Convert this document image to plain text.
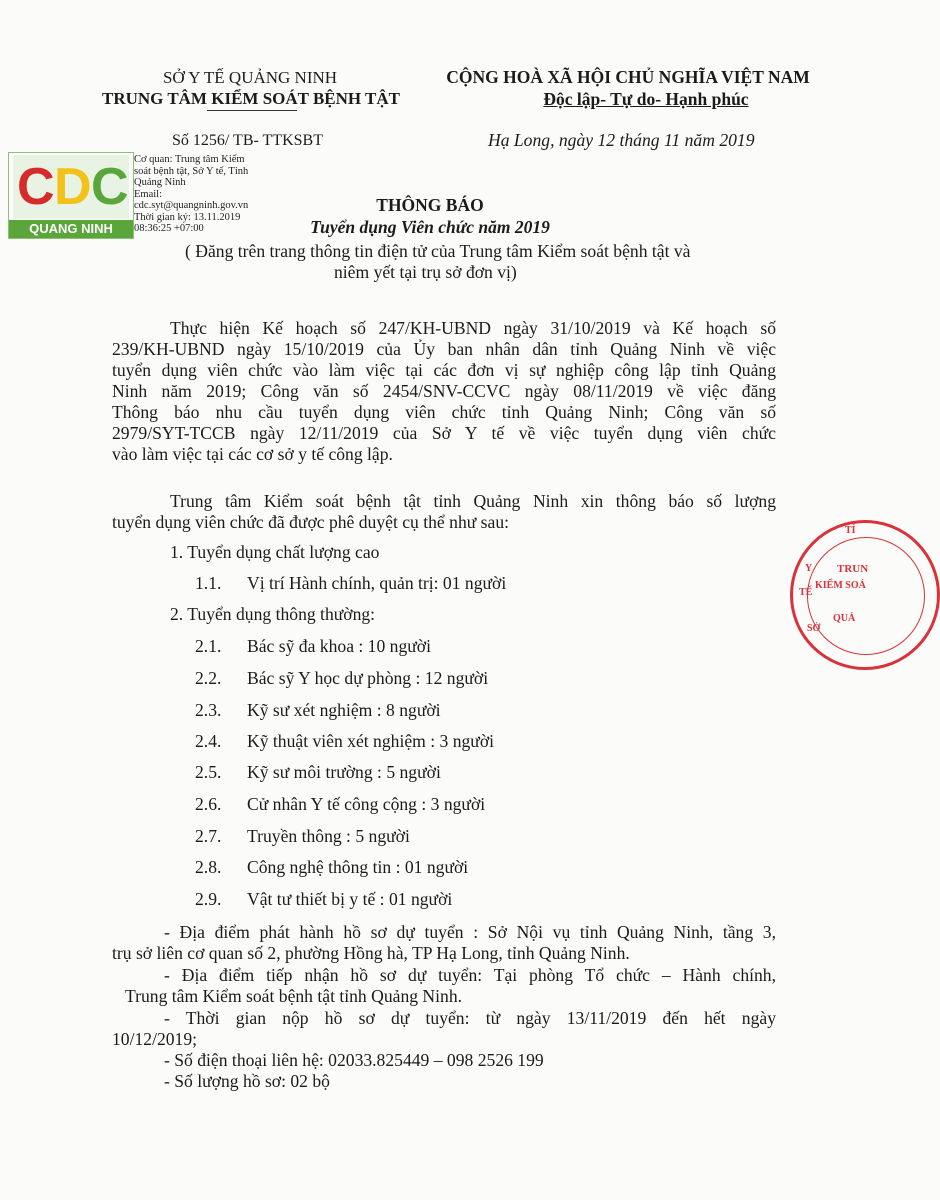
SỞ Y TẾ QUẢNG NINH
TRUNG TÂM KIỂM SOÁT BỆNH TẬT
CỘNG HOÀ XÃ HỘI CHỦ NGHĨA VIỆT NAM
Độc lập- Tự do- Hạnh phúc
Số 1256/ TB- TTKSBT	Hạ Long, ngày 12 tháng 11 năm 2019
C D C
QUANG NINH
Cơ quan: Trung tâm Kiểm
soát bệnh tật, Sở Y tế, Tỉnh
Quảng Ninh
Email:
cdc.syt@quangninh.gov.vn
Thời gian ký: 13.11.2019
08:36:25 +07:00
THÔNG BÁO
Tuyển dụng Viên chức năm 2019
( Đăng trên trang thông tin điện tử của Trung tâm Kiểm soát bệnh tật và
niêm yết tại trụ sở đơn vị)
Thực hiện Kế hoạch số 247/KH-UBND ngày 31/10/2019 và Kế hoạch số
239/KH-UBND ngày 15/10/2019 của Ủy ban nhân dân tỉnh Quảng Ninh về việc
tuyển dụng viên chức vào làm việc tại các đơn vị sự nghiệp công lập tỉnh Quảng
Ninh năm 2019; Công văn số 2454/SNV-CCVC ngày 08/11/2019 về việc đăng
Thông báo nhu cầu tuyển dụng viên chức tỉnh Quảng Ninh; Công văn số
2979/SYT-TCCB ngày 12/11/2019 của Sở Y tế về việc tuyển dụng viên chức
vào làm việc tại các cơ sở y tế công lập.
Trung tâm Kiểm soát bệnh tật tỉnh Quảng Ninh xin thông báo số lượng
tuyển dụng viên chức đã được phê duyệt cụ thể như sau:
1. Tuyển dụng chất lượng cao
1.1. Vị trí Hành chính, quản trị: 01 người
2. Tuyển dụng thông thường:
2.1. Bác sỹ đa khoa : 10 người
2.2. Bác sỹ Y học dự phòng : 12 người
2.3. Kỹ sư xét nghiệm : 8 người
2.4. Kỹ thuật viên xét nghiệm : 3 người
2.5. Kỹ sư môi trường : 5 người
2.6. Cử nhân Y tế công cộng : 3 người
2.7. Truyền thông : 5 người
2.8. Công nghệ thông tin : 01 người
2.9. Vật tư thiết bị y tế : 01 người
- Địa điểm phát hành hồ sơ dự tuyển : Sở Nội vụ tỉnh Quảng Ninh, tầng 3,
trụ sở liên cơ quan số 2, phường Hồng hà, TP Hạ Long, tỉnh Quảng Ninh.
- Địa điểm tiếp nhận hồ sơ dự tuyển: Tại phòng Tổ chức – Hành chính,
Trung tâm Kiểm soát bệnh tật tỉnh Quảng Ninh.
- Thời gian nộp hồ sơ dự tuyển: từ ngày 13/11/2019 đến hết ngày
10/12/2019;
- Số điện thoại liên hệ: 02033.825449 – 098 2526 199
- Số lượng hồ sơ: 02 bộ
Y
TẾ
SỞ
TỈ
TRUN
KIỂM SOÁ
QUẢ
